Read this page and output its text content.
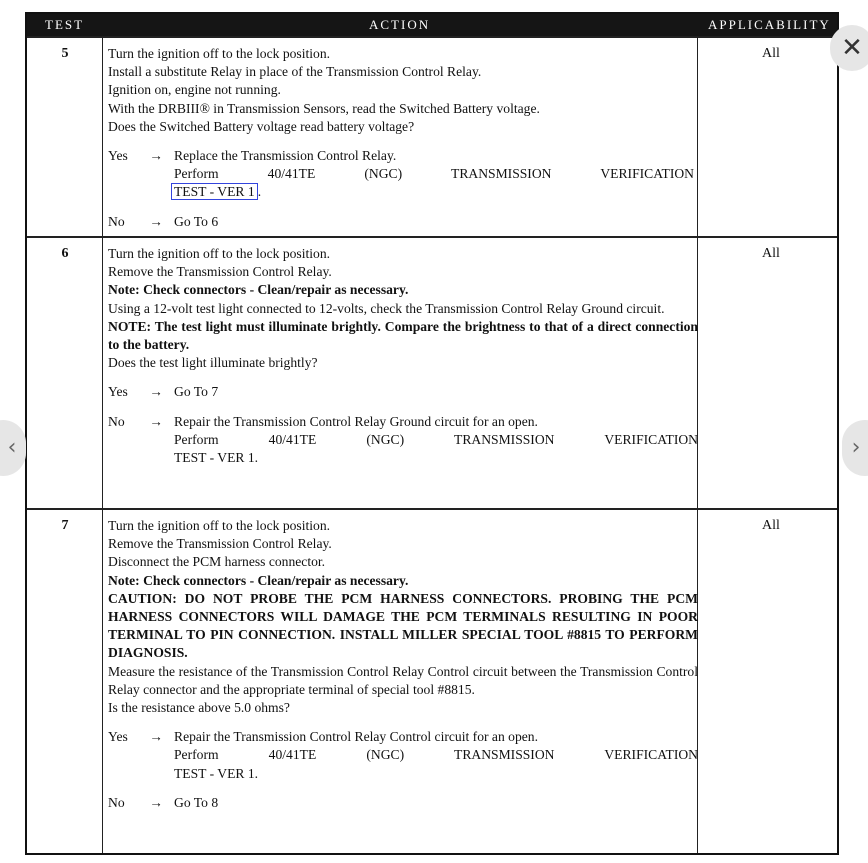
TEST	ACTION	APPLICABILITY
5	Turn the ignition off to the lock position.

Install a substitute Relay in place of the Transmission Control Relay.

Ignition on, engine not running.

With the DRBIII® in Transmission Sensors, read the Switched Battery voltage.

Does the Switched Battery voltage read battery voltage?

Yes	→ Replace the Transmission Control Relay.
Perform 40/41TE (NGC) TRANSMISSION VERIFICATION
TEST - VER 1 .
No	→ Go To 6
All
6	Turn the ignition off to the lock position.

Remove the Transmission Control Relay.

Note: Check connectors - Clean/repair as necessary.

Using a 12-volt test light connected to 12-volts, check the Transmission Control Relay Ground circuit.

NOTE: The test light must illuminate brightly. Compare the brightness to that of a direct connection to the battery.

Does the test light illuminate brightly?

Yes	→ Go To 7
No	→ Repair the Transmission Control Relay Ground circuit for an open.
Perform 40/41TE (NGC) TRANSMISSION VERIFICATION
TEST - VER 1.
All
7	Turn the ignition off to the lock position.

Remove the Transmission Control Relay.

Disconnect the PCM harness connector.

Note: Check connectors - Clean/repair as necessary.

CAUTION: DO NOT PROBE THE PCM HARNESS CONNECTORS. PROBING THE PCM HARNESS CONNECTORS WILL DAMAGE THE PCM TERMINALS RESULTING IN POOR TERMINAL TO PIN CONNECTION. INSTALL MILLER SPECIAL TOOL #8815 TO PERFORM DIAGNOSIS.

Measure the resistance of the Transmission Control Relay Control circuit between the Transmission Control Relay connector and the appropriate terminal of special tool #8815.

Is the resistance above 5.0 ohms?

Yes	→ Repair the Transmission Control Relay Control circuit for an open.
Perform 40/41TE (NGC) TRANSMISSION VERIFICATION
TEST - VER 1.
No	→ Go To 8
All
‹	›
✕
